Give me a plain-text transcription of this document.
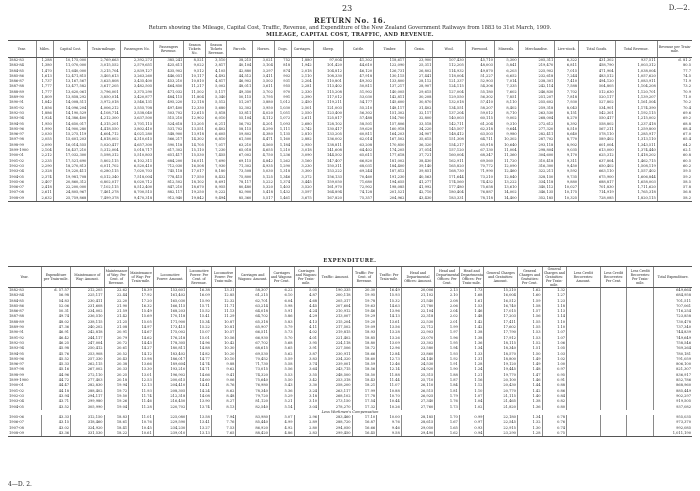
23	D.—2.
RETURN No. 16.
Return showing the Mileage, Capital Cost, Traffic, Revenue, and Expenditure of the New Zealand Government Railways from 1883 to 31st March, 1909.
MILEAGE, CAPITAL COST, TRAFFIC, AND REVENUE.
Year.	Miles.	Capital Cost.	Train-mileage.	Passengers No.	Passengers Revenue.	Season Tickets No.	Season Tickets Revenue.	Parcels.	Horses.	Dogs.	Carriages.	Sheep.	Cattle.	Timber.	Grain.	Wool.	Firewood.	Minerals.	Merchandise.	Live-stock.	Total Goods.	Total Revenue.	Revenue per Train-mile.
1882-83	1,288	10,175,000	2,769,663	2,392,273	385,241	8,521	3,510	38,215	3,021	752	1,880	97,004	41,302	118,617	23,900	107,430	45,710	5,300	205,311	6,322	431,302	937,511	d. 81.2
1883-84	1,380	11,070,000	3,015,552	2,579,651	425,611	9,022	3,817	40,104	3,104	818	1,942	101,420	44,610	122,090	25,311	112,205	48,003	5,841	219,470	6,811	458,790	1,003,312	80.5
1884-85	1,470	11,640,000	3,215,704	2,839,127	435,902	9,512	4,105	42,880	3,297	874	2,018	104,812	46,120	126,731	26,802	114,932	49,870	6,203	225,902	7,015	471,904	1,038,004	77.7
1885-86	1,613	12,471,815	3,405,613	3,263,260	446,051	10,117	4,492	44,512	3,411	902	2,110	108,330	47,918	130,115	27,441	118,004	51,227	6,652	232,618	7,244	483,512	1,057,620	74.5
1886-87	1,737	13,167,567	3,625,808	3,435,400	453,210	10,810	4,817	46,902	3,502	931	2,204	110,801	49,302	133,800	28,112	121,337	52,903	7,014	238,301	7,410	494,120	1,083,911	71.9
1887-88	1,777	13,477,582	3,617,205	3,482,505	464,850	11,217	5,002	48,011	3,611	955	2,281	113,402	50,811	137,217	28,907	124,115	54,306	7,335	242,114	7,588	504,805	1,104,208	73.2
1888-89	1,777	13,620,061	3,796,001	3,375,290	471,032	11,502	5,117	49,350	3,702	970	2,330	115,208	51,902	140,005	29,615	127,004	55,180	7,602	246,830	7,702	512,630	1,120,701	70.9
1889-90	1,809	13,858,292	3,850,014	3,420,877	484,115	11,804	5,340	50,115	3,795	991	2,390	117,012	53,030	142,811	30,208	129,550	56,302	7,851	251,207	7,818	520,117	1,139,207	71.0
1890-91	1,842	14,008,511	3,972,018	3,546,131	495,220	12,118	5,512	51,207	3,880	1,012	2,450	119,211	54,177	145,600	30,870	132,018	57,410	8,110	255,602	7,930	527,802	1,161,504	70.2
1891-92	1,856	14,096,204	4,006,212	3,555,708	497,400	12,330	5,680	52,302	3,950	1,030	2,501	121,003	55,210	148,117	31,402	134,551	58,207	8,402	259,318	8,043	534,901	1,174,390	70.4
1892-93	1,886	14,190,529	4,108,714	3,538,040	503,702	12,615	5,818	53,811	4,020	1,051	2,550	123,400	56,302	151,302	32,117	137,204	59,012	8,710	263,530	8,151	542,301	1,192,115	69.6
1893-94	1,924	14,386,400	4,212,300	3,637,500	515,210	12,902	6,010	55,104	4,112	1,072	2,611	125,817	57,488	154,700	32,800	140,003	60,115	9,002	268,004	8,270	550,417	1,215,002	69.2
1894-95	1,950	14,650,017	4,315,201	3,701,115	524,618	13,205	6,211	56,702	4,201	1,093	2,680	128,102	58,501	157,806	33,518	142,711	61,204	9,310	272,612	8,392	558,802	1,237,418	68.8
1895-96	1,990	14,900,280	4,418,550	3,802,410	531,702	13,551	6,402	58,115	4,290	1,111	2,742	130,417	59,620	160,918	34,220	145,507	62,318	9,644	277,320	8,510	567,211	1,259,800	68.4
1896-97	2,030	15,275,119	4,604,712	4,021,280	548,900	13,918	6,605	59,802	4,380	1,135	2,810	133,205	60,811	164,203	34,907	148,412	63,503	9,980	282,411	8,640	578,110	1,285,917	67.0
1897-98	2,055	15,601,203	4,818,002	4,310,615	566,217	14,302	6,810	61,500	4,471	1,160	2,882	136,002	62,014	167,502	35,615	151,308	64,711	10,302	287,702	8,770	589,402	1,313,110	65.4
1898-99	2,090	16,014,555	5,020,417	4,657,300	590,118	14,705	7,017	63,210	4,560	1,184	2,950	138,811	63,208	170,850	36,320	154,217	65,918	10,640	293,118	8,902	601,004	1,343,511	64.2
1899-1900	2,104	16,437,210	5,312,004	5,018,717	617,302	15,110	7,230	65,018	4,655	1,210	3,018	141,608	64,402	174,205	37,014	157,120	67,130	11,004	298,804	9,035	613,000	1,374,440	62.1
1900-01	2,212	17,032,300	5,598,312	5,510,803	651,417	15,530	7,455	67,002	4,750	1,236	3,090	144,502	65,611	177,618	37,721	160,004	68,347	11,360	304,600	9,170	625,312	1,418,202	60.8
1901-02	2,235	17,521,690	5,802,115	6,102,311	684,200	16,011	7,690	69,115	4,842	1,262	3,160	147,407	66,820	181,002	38,430	162,911	69,560	11,720	310,418	9,311	637,804	1,462,715	60.5
1902-03	2,290	18,270,813	6,011,702	6,520,410	712,030	16,508	7,930	71,302	4,935	1,290	3,230	150,311	68,031	184,400	39,140	165,820	70,772	12,090	316,300	9,450	650,402	1,508,119	60.2
1903-04	2,328	19,220,411	6,280,115	7,020,703	745,118	17,017	8,180	73,508	5,030	1,318	3,300	153,222	69,244	187,812	39,851	168,730	71,990	12,460	322,211	9,592	663,110	1,557,402	59.5
1904-05	2,374	19,981,708	6,512,340	7,518,004	778,415	17,550	8,432	75,800	5,125	1,346	3,372	156,133	70,460	191,230	40,563	171,644	73,210	12,840	328,150	9,735	675,900	1,606,844	59.2
1905-06	2,407	20,860,312	6,802,017	8,020,712	812,502	18,102	8,691	78,117	5,222	1,374	3,445	159,050	71,680	194,655	41,277	174,560	74,432	13,222	334,118	9,880	688,817	1,658,003	58.5
1906-07	2,418	22,200,000	7,102,115	8,512,400	847,210	18,670	8,955	80,480	5,320	1,403	3,520	161,970	72,902	198,085	41,992	177,480	75,658	13,610	340,112	10,027	701,830	1,711,620	57.8
1907-08	2,611	24,805,967	7,461,278	8,700,515	882,117	19,250	9,222	82,900	5,418	1,432	3,597	164,894	74,128	201,521	42,710	180,404	76,887	14,002	346,135	10,175	714,919	1,765,318	56.8
1908-09	2,632	25,759,868	7,499,378	9,470,318	912,940	19,842	9,494	85,360	5,517	1,461	3,675	167,820	75,357	204,962	43,430	183,331	78,118	14,400	352,185	10,325	728,085	1,820,115	58.2
EXPENDITURE.
Year.	Expenditure per Train-mile.	Maintenance of Way: Amount.	Maintenance of Way: Per Cent. of Revenue.	Maintenance of Way: Per Train-mile.	Locomotive Power: Amount.	Locomotive Power: Per Cent. of Revenue.	Locomotive Power: Per Train-mile.	Carriages and Wagons: Amount.	Carriages and Wagons: Per Cent.	Carriages and Wagons: Per Train-mile.	Traffic: Amount.	Traffic: Per Cent. of Revenue.	Traffic: Per Train-mile.	Head and Departmental Offices: Amount.	Head and Departmental Offices: Per Cent.	Head and Departmental Offices: Per Train-mile.	General Charges and Gratuities: Amount.	General Charges and Gratuities: Per Cent.	General Charges and Gratuities: Per Train-mile.	Less Credit Recoveries: Amount.	Less Credit Recoveries: Per Cent.	Less Credit Recoveries: Per Train-mile.	Total Expenditure.
1882-83	d. 57.57	212,205	22.62	18.39	153,601	16.38	13.31	58,307	6.22	5.05	190,335	20.30	16.49	20,006	2.13	1.73	15,210	1.62	1.32				649,664
1883-84	56.98	225,117	22.44	17.92	161,402	16.09	12.85	61,215	6.10	4.87	200,118	19.95	15.93	21,102	2.10	1.68	16,004	1.60	1.27				684,958
1884-85	54.83	230,411	22.20	17.20	165,030	15.90	12.32	62,701	6.04	4.68	205,317	19.78	15.32	21,540	2.08	1.61	16,512	1.59	1.23				701,511
1885-86	52.06	231,608	21.90	16.32	166,115	15.71	11.71	63,214	5.98	4.45	207,604	19.63	14.63	21,780	2.06	1.53	16,740	1.58	1.18				707,061
1886-87	50.31	234,002	21.59	15.49	168,203	15.52	11.13	64,018	5.91	4.24	210,912	19.46	13.96	22,104	2.04	1.46	17,015	1.57	1.13				716,254
1887-88	49.74	236,510	21.42	15.69	170,118	15.41	11.29	64,702	5.86	4.29	213,007	19.29	14.13	22,318	2.02	1.48	17,203	1.56	1.14				723,858
1888-89	48.02	238,115	21.25	15.05	171,900	15.34	10.87	65,318	5.83	4.13	215,204	19.20	13.61	22,530	2.01	1.42	17,411	1.55	1.10				730,478
1889-90	47.36	240,202	21.08	14.97	173,415	15.22	10.81	65,907	5.79	4.11	217,502	19.09	13.56	22,712	1.99	1.42	17,602	1.55	1.10				737,340
1890-91	46.91	242,818	20.91	14.67	175,002	15.07	10.57	66,511	5.73	4.02	219,815	18.93	13.28	22,903	1.97	1.38	17,790	1.53	1.07				744,839
1891-92	46.42	244,117	20.79	14.62	176,218	15.01	10.56	66,930	5.70	4.01	221,402	18.85	13.26	23,070	1.96	1.38	17,912	1.53	1.07				749,649
1892-93	46.25	247,004	20.72	14.43	178,305	14.96	10.42	67,702	5.68	3.95	224,118	18.80	13.09	23,302	1.95	1.36	18,115	1.52	1.06				758,546
1893-94	45.98	250,412	20.61	14.27	180,811	14.88	10.30	68,615	5.65	3.91	227,506	18.72	12.96	23,580	1.94	1.34	18,340	1.51	1.05				769,264
1894-95	45.76	253,908	20.52	14.12	183,402	14.82	10.20	69,530	5.62	3.87	230,911	18.66	12.84	23,860	1.93	1.33	18,570	1.50	1.03				780,181
1895-96	45.52	257,330	20.43	13.98	186,017	14.77	10.10	70,452	5.59	3.83	234,320	18.60	12.73	24,140	1.92	1.31	18,800	1.49	1.02				791,059
1896-97	45.33	262,115	20.38	13.66	189,604	14.74	9.88	71,730	5.58	3.74	239,001	18.59	12.46	24,530	1.91	1.28	19,120	1.49	1.00				806,100
1897-98	45.16	267,002	20.33	13.30	193,210	14.71	9.62	73,015	5.56	3.64	243,715	18.56	12.14	24,920	1.90	1.24	19,445	1.48	0.97				821,307
1898-99	44.96	272,110	20.25	13.01	196,902	14.66	9.41	74,320	5.53	3.55	248,500	18.50	11.88	25,315	1.88	1.21	19,770	1.47	0.95				836,917
1899-1900	44.72	277,403	20.18	12.53	200,615	14.60	9.06	75,640	5.50	3.42	253,318	18.43	11.44	25,710	1.87	1.16	20,100	1.46	0.91				852,786
1900-01	44.47	282,830	19.94	12.13	204,410	14.41	8.76	76,980	5.43	3.30	258,200	18.21	11.07	26,110	1.84	1.12	20,430	1.44	0.88				868,960
1901-02	44.18	288,402	19.72	11.93	208,305	14.24	8.62	78,340	5.36	3.24	263,117	17.99	10.88	26,515	1.81	1.10	20,770	1.42	0.86				885,449
1902-03	43.94	294,117	19.50	11.74	212,318	14.08	8.48	79,720	5.29	3.18	268,102	17.78	10.70	26,925	1.79	1.07	21,115	1.40	0.84				902,297
1903-04	43.71	299,980	19.26	11.46	216,450	13.90	8.27	81,120	5.21	3.10	273,150	17.54	10.44	27,340	1.76	1.04	21,465	1.38	0.82				919,505
1904-05	43.52	305,990	19.04	11.28	220,702	13.74	8.13	82,540	5.14	3.04	278,270	17.32	10.26	27,760	1.73	1.02	21,820	1.36	0.80				937,082
Less Workmen's Compensation																							
1905-06	43.33	312,150	18.83	11.01	225,080	13.58	7.94	83,980	5.07	2.96	283,460	17.10	10.00	28,185	1.70	0.99	22,180	1.34	0.78				955,035
1906-07	43.15	318,460	18.61	10.76	229,590	13.41	7.76	85,440	4.99	2.89	288,720	16.87	9.76	28,615	1.67	0.97	22,545	1.32	0.76				973,370
1907-08	43.02	324,920	18.41	10.45	234,230	13.27	7.53	86,920	4.92	2.80	294,050	16.66	9.46	29,050	1.65	0.93	22,915	1.30	0.74				992,085
1908-09	43.36	331,530	18.22	10.61	239,010	13.13	7.65	88,420	4.86	2.83	299,450	16.45	9.58	29,490	1.62	0.94	23,290	1.28	0.75				1,011,190
4—D. 2.
